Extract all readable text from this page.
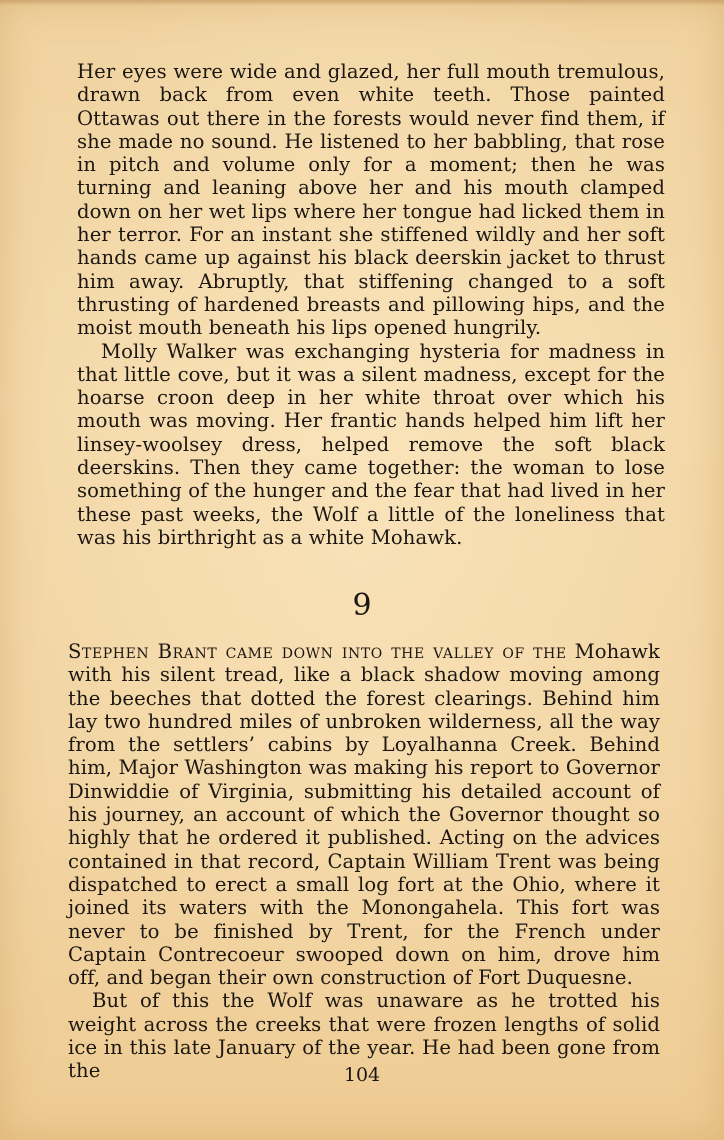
Her eyes were wide and glazed, her full mouth tremulous, drawn back from even white teeth. Those painted Ottawas out there in the forests would never find them, if she made no sound. He listened to her babbling, that rose in pitch and volume only for a moment; then he was turning and leaning above her and his mouth clamped down on her wet lips where her tongue had licked them in her terror. For an instant she stiffened wildly and her soft hands came up against his black deerskin jacket to thrust him away. Abruptly, that stiffening changed to a soft thrusting of hardened breasts and pillowing hips, and the moist mouth beneath his lips opened hungrily.

Molly Walker was exchanging hysteria for madness in that little cove, but it was a silent madness, except for the hoarse croon deep in her white throat over which his mouth was moving. Her frantic hands helped him lift her linsey-woolsey dress, helped remove the soft black deerskins. Then they came together: the woman to lose something of the hunger and the fear that had lived in her these past weeks, the Wolf a little of the loneliness that was his birthright as a white Mohawk.

9

Stephen Brant came down into the valley of the Mohawk with his silent tread, like a black shadow moving among the beeches that dotted the forest clearings. Behind him lay two hundred miles of unbroken wilderness, all the way from the settlers’ cabins by Loyalhanna Creek. Behind him, Major Washington was making his report to Governor Dinwiddie of Virginia, submitting his detailed account of his journey, an account of which the Governor thought so highly that he ordered it published. Acting on the advices contained in that record, Captain William Trent was being dispatched to erect a small log fort at the Ohio, where it joined its waters with the Monongahela. This fort was never to be finished by Trent, for the French under Captain Contrecoeur swooped down on him, drove him off, and began their own construction of Fort Duquesne.

But of this the Wolf was unaware as he trotted his weight across the creeks that were frozen lengths of solid ice in this late January of the year. He had been gone from the	104
